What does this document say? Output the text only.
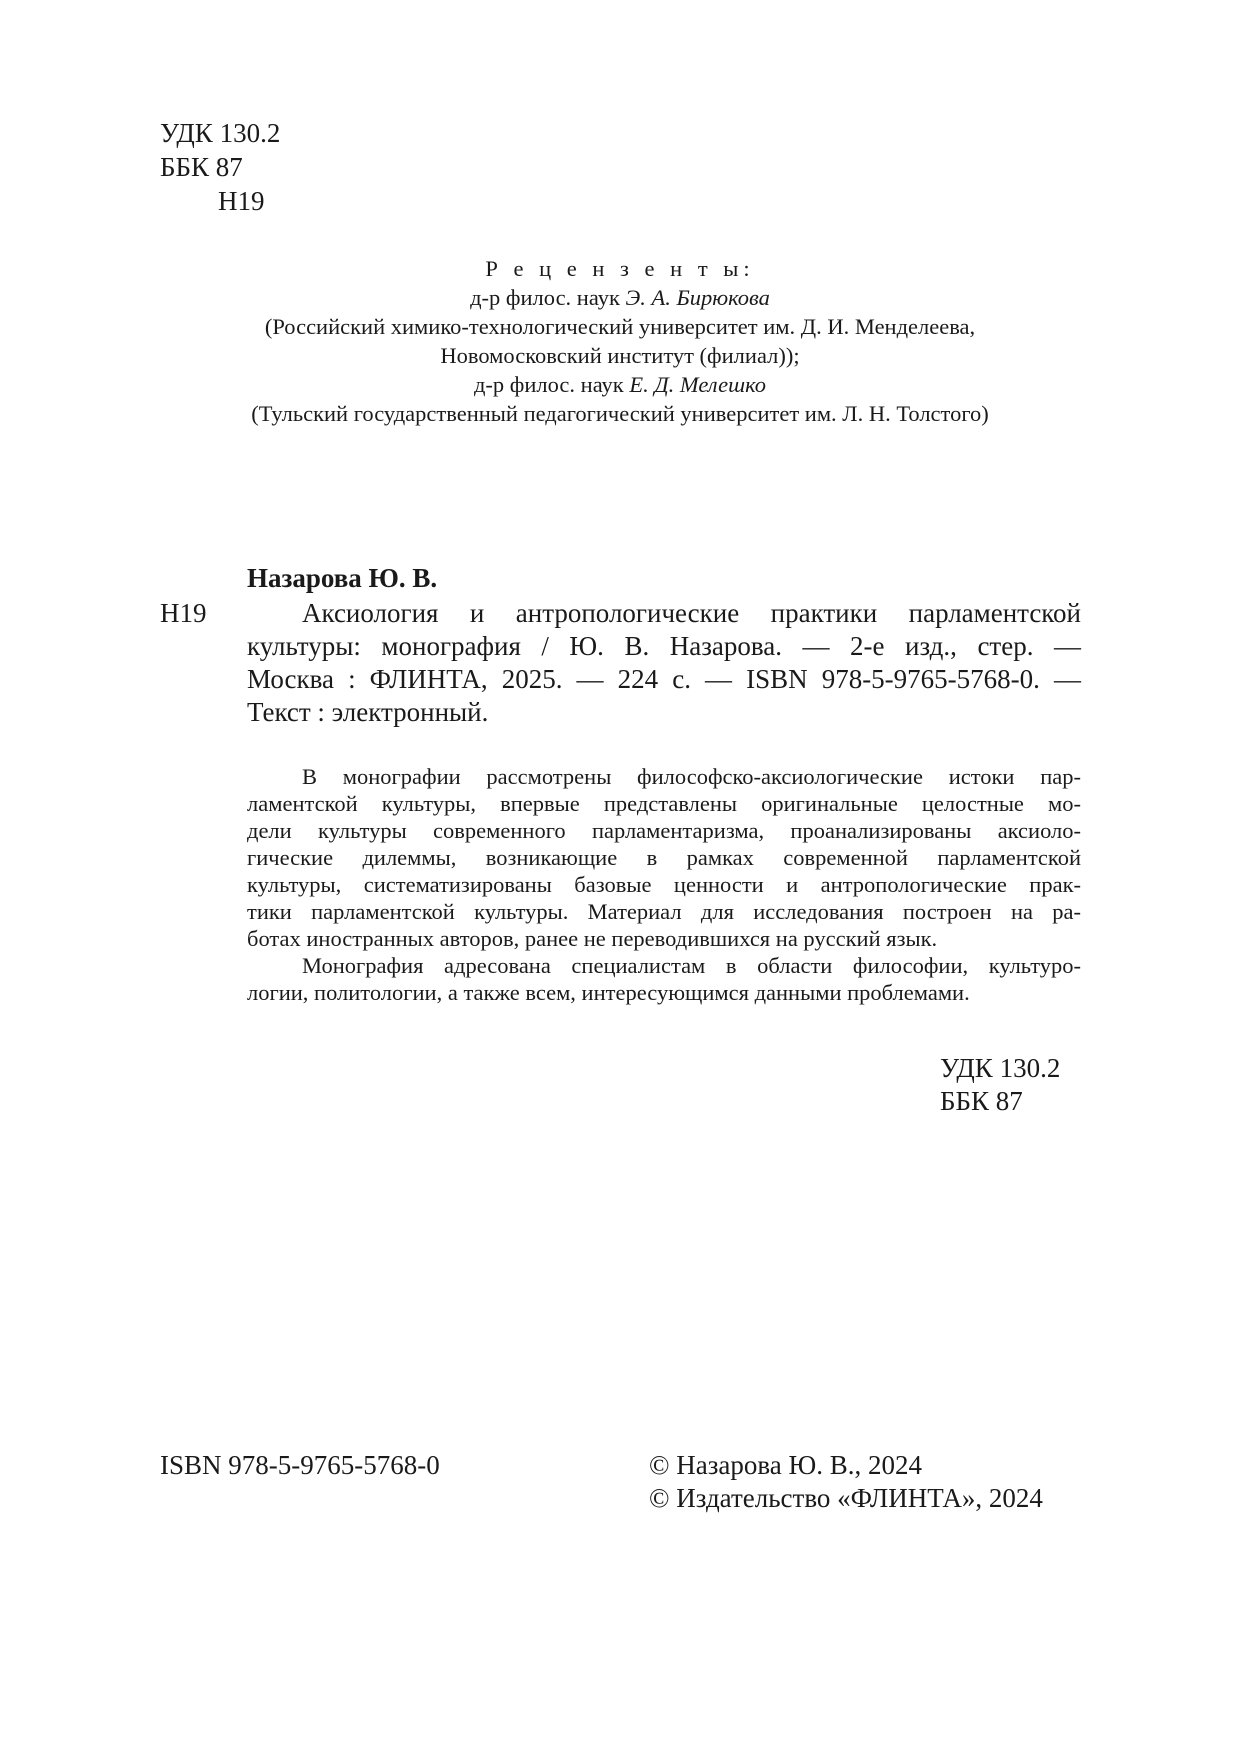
УДК 130.2
ББК 87
Н19
Р е ц е н з е н т ы:
д-р филос. наук Э. А. Бирюкова
(Российский химико-технологический университет им. Д. И. Менделеева,
Новомосковский институт (филиал));
д-р филос. наук Е. Д. Мелешко
(Тульский государственный педагогический университет им. Л. Н. Толстого)
Назарова Ю. В.
Н19	Аксиология и антропологические практики парламентской
культуры: монография / Ю. В. Назарова. — 2-е изд., стер. —
Москва : ФЛИНТА, 2025. — 224 с. — ISBN 978-5-9765-5768-0. —
Текст : электронный.
В монографии рассмотрены философско-аксиологические истоки пар-
ламентской культуры, впервые представлены оригинальные целостные мо-
дели культуры современного парламентаризма, проанализированы аксиоло-
гические дилеммы, возникающие в рамках современной парламентской
культуры, систематизированы базовые ценности и антропологические прак-
тики парламентской культуры. Материал для исследования построен на ра-
ботах иностранных авторов, ранее не переводившихся на русский язык.
Монография адресована специалистам в области философии, культуро-
логии, политологии, а также всем, интересующимся данными проблемами.
УДК 130.2
ББК 87
ISBN 978-5-9765-5768-0	© Назарова Ю. В., 2024
© Издательство «ФЛИНТА», 2024
